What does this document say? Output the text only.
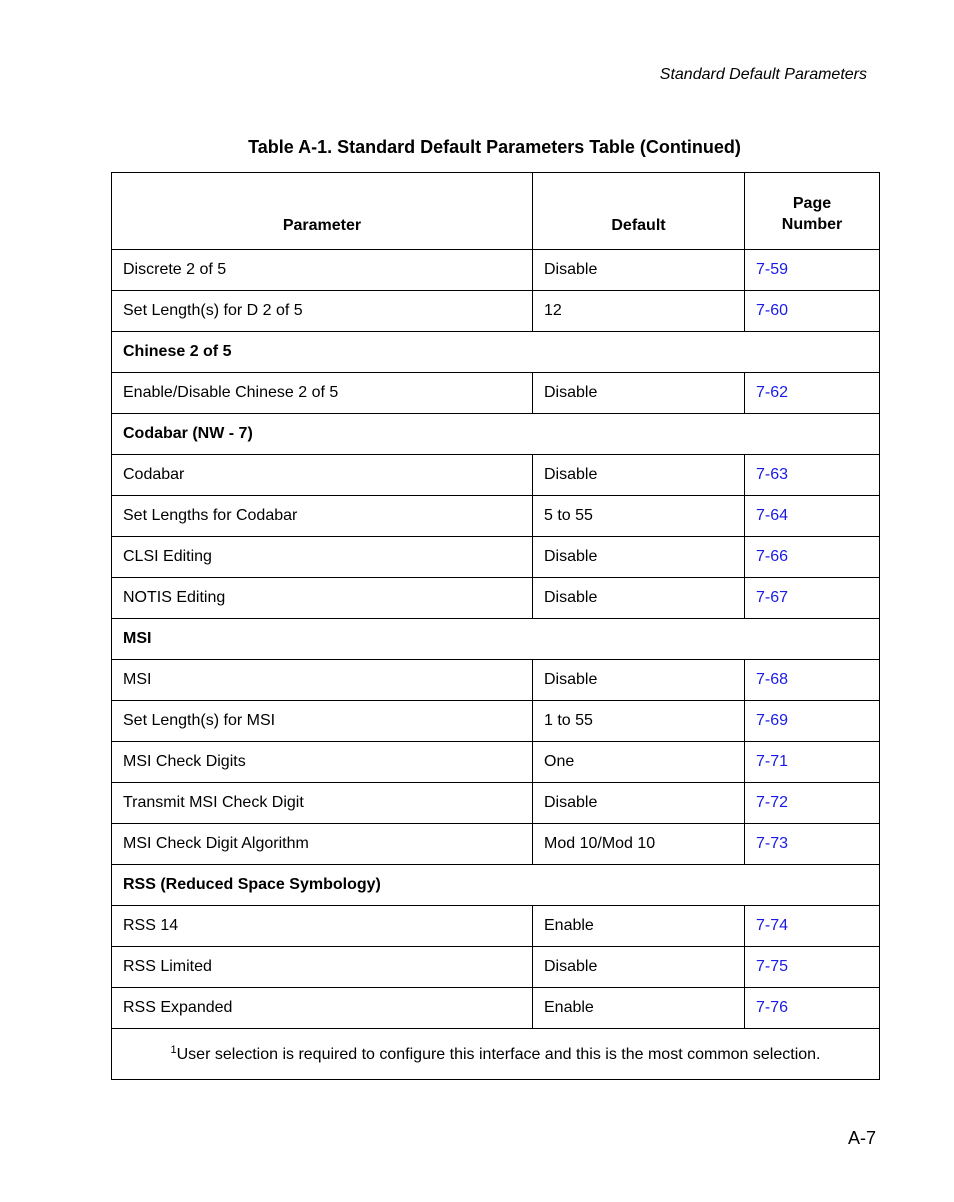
Standard Default Parameters
Table A-1. Standard Default Parameters Table (Continued)
Parameter	Default	Page
Number
Discrete 2 of 5	Disable	7-59
Set Length(s) for D 2 of 5	12	7-60
Chinese 2 of 5		
Enable/Disable Chinese 2 of 5	Disable	7-62
Codabar (NW - 7)		
Codabar	Disable	7-63
Set Lengths for Codabar	5 to 55	7-64
CLSI Editing	Disable	7-66
NOTIS Editing	Disable	7-67
MSI		
MSI	Disable	7-68
Set Length(s) for MSI	1 to 55	7-69
MSI Check Digits	One	7-71
Transmit MSI Check Digit	Disable	7-72
MSI Check Digit Algorithm	Mod 10/Mod 10	7-73
RSS (Reduced Space Symbology)		
RSS 14	Enable	7-74
RSS Limited	Disable	7-75
RSS Expanded	Enable	7-76
$^1$User selection is required to configure this interface and this is the most common selection.		
A-7
